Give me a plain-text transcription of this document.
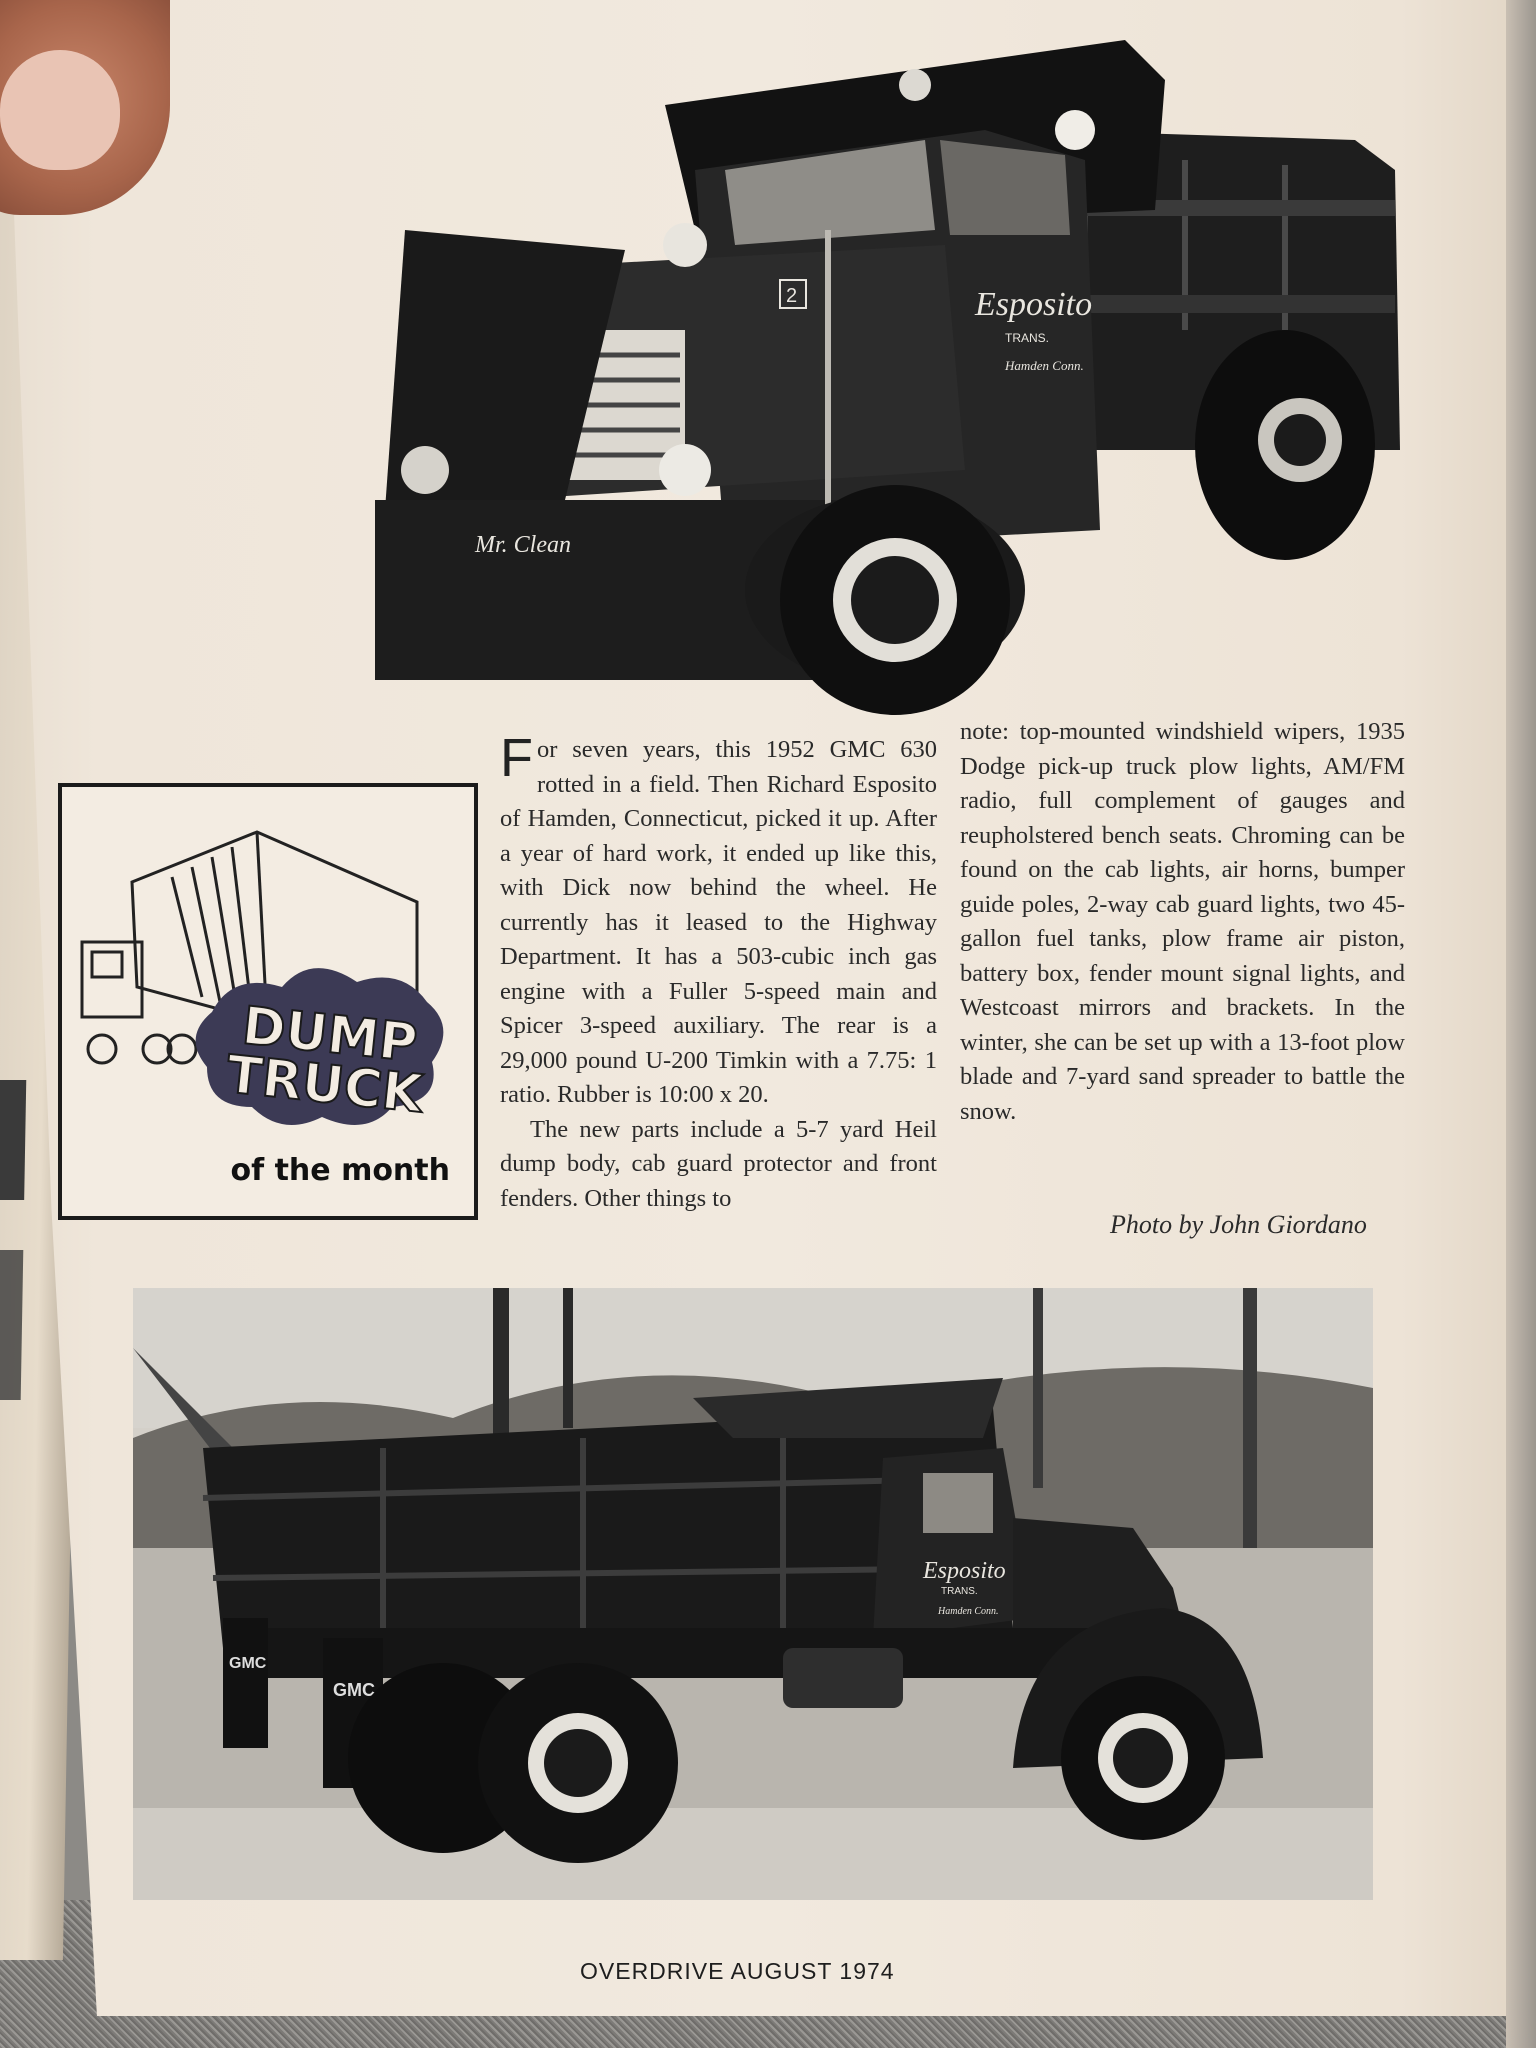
Esposito
TRANS.
Hamden Conn.
Mr. Clean
2
DUMP TRUCK
of the month

For seven years, this 1952 GMC 630 rotted in a field. Then Richard Esposito of Hamden, Connecticut, picked it up. After a year of hard work, it ended up like this, with Dick now behind the wheel. He currently has it leased to the Highway Department. It has a 503-cubic inch gas engine with a Fuller 5-speed main and Spicer 3-speed auxiliary. The rear is a 29,000 pound U-200 Timkin with a 7.75: 1 ratio. Rubber is 10:00 x 20.

The new parts include a 5-7 yard Heil dump body, cab guard protector and front fenders. Other things to

note: top-mounted windshield wipers, 1935 Dodge pick-up truck plow lights, AM/FM radio, full complement of gauges and reupholstered bench seats. Chroming can be found on the cab lights, air horns, bumper guide poles, 2-way cab guard lights, two 45-gallon fuel tanks, plow frame air piston, battery box, fender mount signal lights, and Westcoast mirrors and brackets. In the winter, she can be set up with a 13-foot plow blade and 7-yard sand spreader to battle the snow.

Photo by John Giordano
GMC
GMC
Esposito
TRANS.
Hamden Conn.
OVERDRIVE AUGUST 1974
